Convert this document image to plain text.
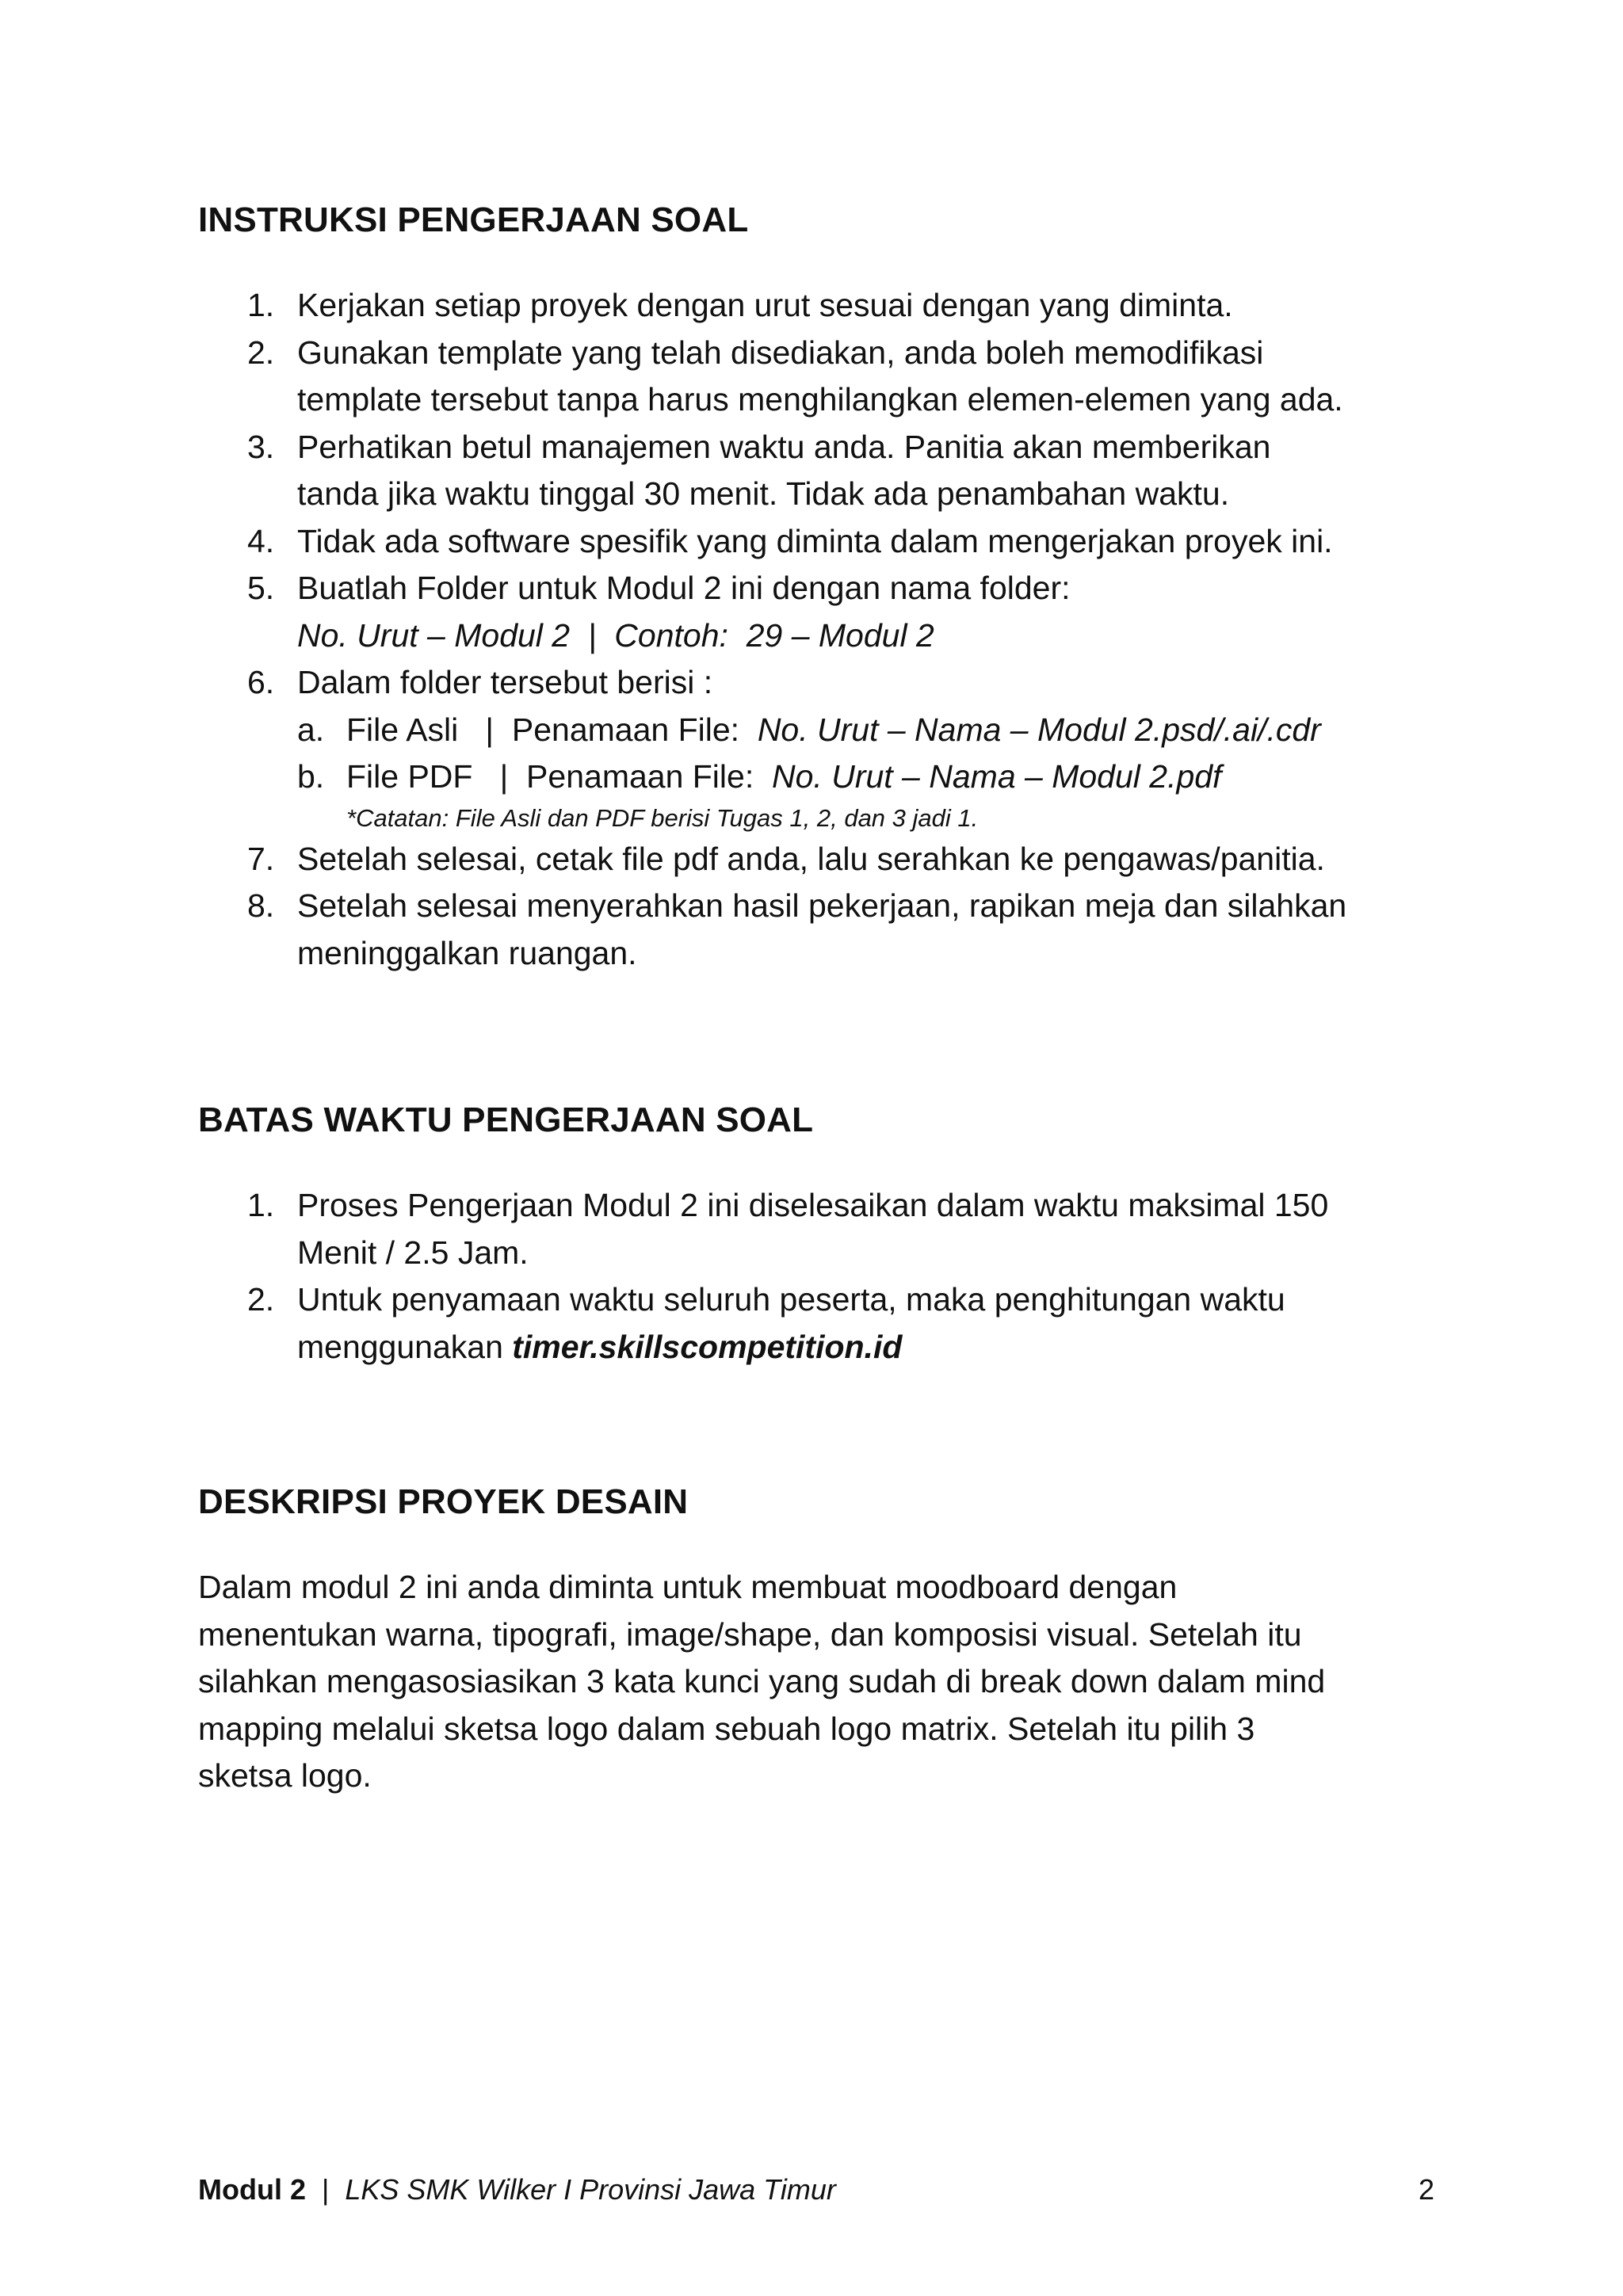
INSTRUKSI PENGERJAAN SOAL
1. Kerjakan setiap proyek dengan urut sesuai dengan yang diminta.
2. Gunakan template yang telah disediakan, anda boleh memodifikasi
template tersebut tanpa harus menghilangkan elemen-elemen yang ada.
3. Perhatikan betul manajemen waktu anda. Panitia akan memberikan
tanda jika waktu tinggal 30 menit. Tidak ada penambahan waktu.
4. Tidak ada software spesifik yang diminta dalam mengerjakan proyek ini.
5. Buatlah Folder untuk Modul 2 ini dengan nama folder:
No. Urut – Modul 2  |  Contoh:  29 – Modul 2
6. Dalam folder tersebut berisi :
a. File Asli   |  Penamaan File:  No. Urut – Nama – Modul 2.psd/.ai/.cdr
b. File PDF   |  Penamaan File:  No. Urut – Nama – Modul 2.pdf
*Catatan: File Asli dan PDF berisi Tugas 1, 2, dan 3 jadi 1.
7. Setelah selesai, cetak file pdf anda, lalu serahkan ke pengawas/panitia.
8. Setelah selesai menyerahkan hasil pekerjaan, rapikan meja dan silahkan
meninggalkan ruangan.
BATAS WAKTU PENGERJAAN SOAL
1. Proses Pengerjaan Modul 2 ini diselesaikan dalam waktu maksimal 150
Menit / 2.5 Jam.
2. Untuk penyamaan waktu seluruh peserta, maka penghitungan waktu
menggunakan timer.skillscompetition.id
DESKRIPSI PROYEK DESAIN

Dalam modul 2 ini anda diminta untuk membuat moodboard dengan
menentukan warna, tipografi, image/shape, dan komposisi visual. Setelah itu
silahkan mengasosiasikan 3 kata kunci yang sudah di break down dalam mind
mapping melalui sketsa logo dalam sebuah logo matrix. Setelah itu pilih 3
sketsa logo.

Modul 2  |  LKS SMK Wilker I Provinsi Jawa Timur	2
